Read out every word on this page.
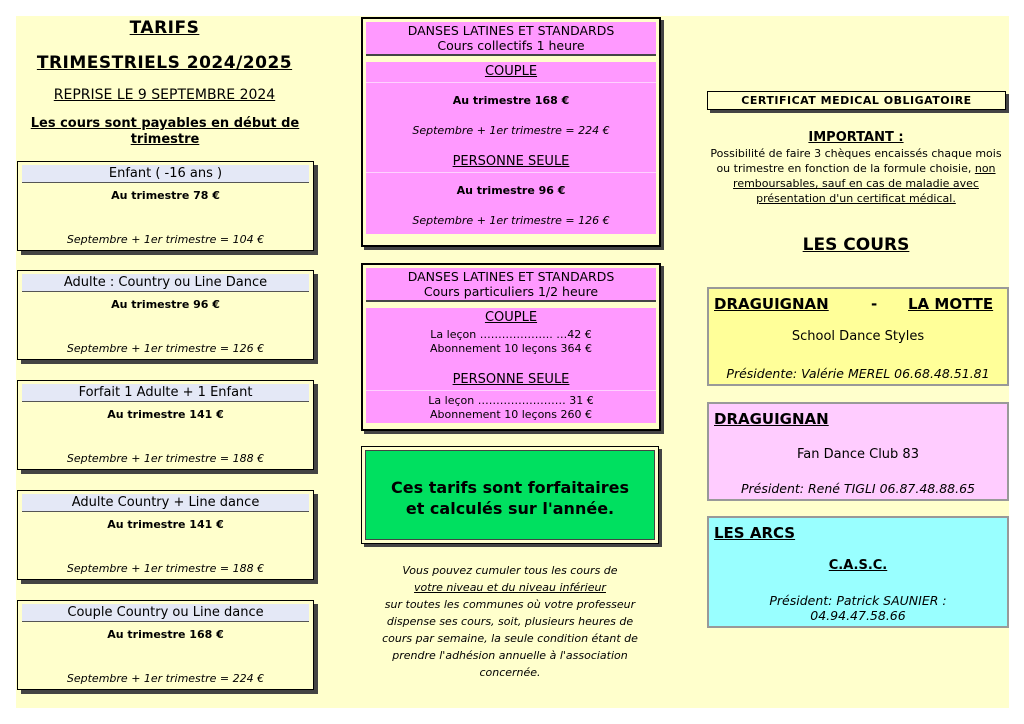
TARIFS
TRIMESTRIELS 2024/2025
REPRISE LE 9 SEPTEMBRE 2024
Les cours sont payables en début de trimestre
Enfant ( -16 ans )
Au trimestre 78 €
Septembre + 1er trimestre = 104 €
Adulte : Country ou Line Dance
Au trimestre 96 €
Septembre + 1er trimestre = 126 €
Forfait 1 Adulte + 1 Enfant
Au trimestre 141 €
Septembre + 1er trimestre = 188 €
Adulte Country + Line dance
Au trimestre 141 €
Septembre + 1er trimestre = 188 €
Couple Country ou Line dance
Au trimestre 168 €
Septembre + 1er trimestre = 224 €
DANSES LATINES ET STANDARDS
Cours collectifs 1 heure
COUPLE
Au trimestre 168 €
Septembre + 1er trimestre = 224 €
PERSONNE SEULE
Au trimestre 96 €
Septembre + 1er trimestre = 126 €
DANSES LATINES ET STANDARDS
Cours particuliers 1/2 heure
COUPLE
La leçon ……………….. …42 €
Abonnement 10 leçons 364 €
PERSONNE SEULE
La leçon …………………… 31 €
Abonnement 10 leçons 260 €
Ces tarifs sont forfaitaires
et calculés sur l'année.
Vous pouvez cumuler tous les cours de
votre niveau et du niveau inférieur
sur toutes les communes où votre professeur
dispense ses cours, soit, plusieurs heures de
cours par semaine, la seule condition étant de
prendre l'adhésion annuelle à l'association
concernée.
CERTIFICAT MEDICAL OBLIGATOIRE
IMPORTANT :
Possibilité de faire 3 chèques encaissés chaque mois ou trimestre en fonction de la formule choisie, non remboursables, sauf en cas de maladie avec présentation d'un certificat médical.
LES COURS
DRAGUIGNAN	- LA MOTTE
School Dance Styles
Présidente: Valérie MEREL 06.68.48.51.81
DRAGUIGNAN
Fan Dance Club 83
Président: René TIGLI 06.87.48.88.65
LES ARCS
C.A.S.C.
Président: Patrick SAUNIER :
04.94.47.58.66
